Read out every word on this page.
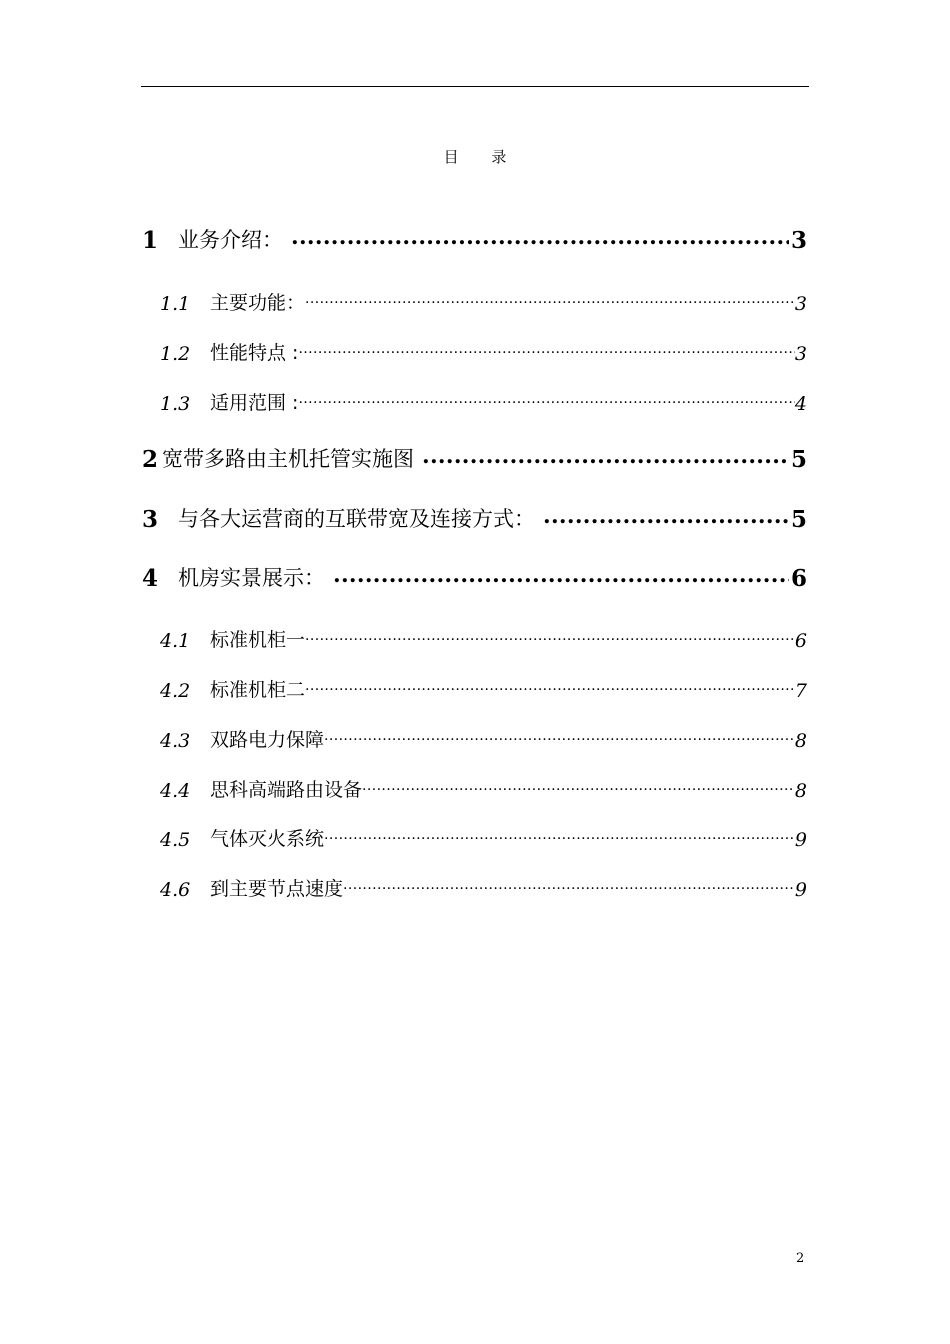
目 录
1 业务介绍： .....	3
1.1	主要功能： .....	3
1.2	性能特点 : .....	3
1.3	适用范围 : .....	4
2 宽带多路由主机托管实施图 .....	5
3 与各大运营商的互联带宽及连接方式： .....	5
4 机房实景展示： .....	6
4.1	标准机柜一 .....	6
4.2	标准机柜二 .....	7
4.3	双路电力保障 .....	8
4.4	思科高端路由设备 .....	8
4.5	气体灭火系统 .....	9
4.6	到主要节点速度 .....	9
2
